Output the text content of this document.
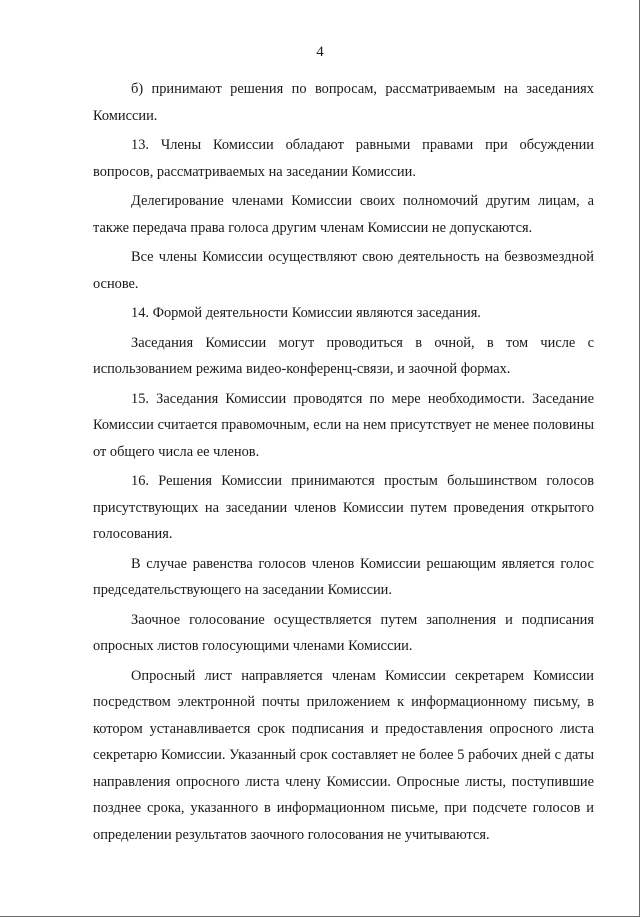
4

б) принимают решения по вопросам, рассматриваемым на заседаниях Комиссии.

13. Члены Комиссии обладают равными правами при обсуждении вопросов, рассматриваемых на заседании Комиссии.

Делегирование членами Комиссии своих полномочий другим лицам, а также передача права голоса другим членам Комиссии не допускаются.

Все члены Комиссии осуществляют свою деятельность на безвозмездной основе.

14. Формой деятельности Комиссии являются заседания.

Заседания Комиссии могут проводиться в очной, в том числе с использованием режима видео-конференц-связи, и заочной формах.

15. Заседания Комиссии проводятся по мере необходимости. Заседание Комиссии считается правомочным, если на нем присутствует не менее половины от общего числа ее членов.

16. Решения Комиссии принимаются простым большинством голосов присутствующих на заседании членов Комиссии путем проведения открытого голосования.

В случае равенства голосов членов Комиссии решающим является голос председательствующего на заседании Комиссии.

Заочное голосование осуществляется путем заполнения и подписания опросных листов голосующими членами Комиссии.

Опросный лист направляется членам Комиссии секретарем Комиссии посредством электронной почты приложением к информационному письму, в котором устанавливается срок подписания и предоставления опросного листа секретарю Комиссии. Указанный срок составляет не более 5 рабочих дней с даты направления опросного листа члену Комиссии. Опросные листы, поступившие позднее срока, указанного в информационном письме, при подсчете голосов и определении результатов заочного голосования не учитываются.
